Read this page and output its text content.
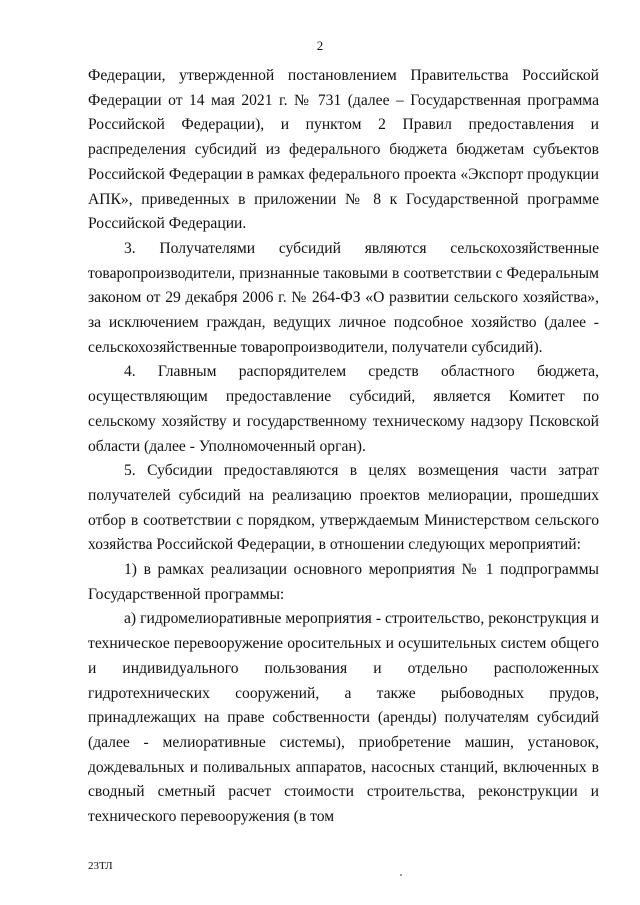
2

Федерации, утвержденной постановлением Правительства Российской Федерации от 14 мая 2021 г. № 731 (далее – Государственная программа Российской Федерации), и пунктом 2 Правил предоставления и распределения субсидий из федерального бюджета бюджетам субъектов Российской Федерации в рамках федерального проекта «Экспорт продукции АПК», приведенных в приложении № 8 к Государственной программе Российской Федерации.

3. Получателями субсидий являются сельскохозяйственные товаропроизводители, признанные таковыми в соответствии с Федеральным законом от 29 декабря 2006 г. № 264-ФЗ «О развитии сельского хозяйства», за исключением граждан, ведущих личное подсобное хозяйство (далее - сельскохозяйственные товаропроизводители, получатели субсидий).

4. Главным распорядителем средств областного бюджета, осуществляющим предоставление субсидий, является Комитет по сельскому хозяйству и государственному техническому надзору Псковской области (далее - Уполномоченный орган).

5. Субсидии предоставляются в целях возмещения части затрат получателей субсидий на реализацию проектов мелиорации, прошедших отбор в соответствии с порядком, утверждаемым Министерством сельского хозяйства Российской Федерации, в отношении следующих мероприятий:

1) в рамках реализации основного мероприятия № 1 подпрограммы Государственной программы:

а) гидромелиоративные мероприятия - строительство, реконструкция и техническое перевооружение оросительных и осушительных систем общего и индивидуального пользования и отдельно расположенных гидротехнических сооружений, а также рыбоводных прудов, принадлежащих на праве собственности (аренды) получателям субсидий (далее - мелиоративные системы), приобретение машин, установок, дождевальных и поливальных аппаратов, насосных станций, включенных в сводный сметный расчет стоимости строительства, реконструкции и технического перевооружения (в том

23ТЛ
